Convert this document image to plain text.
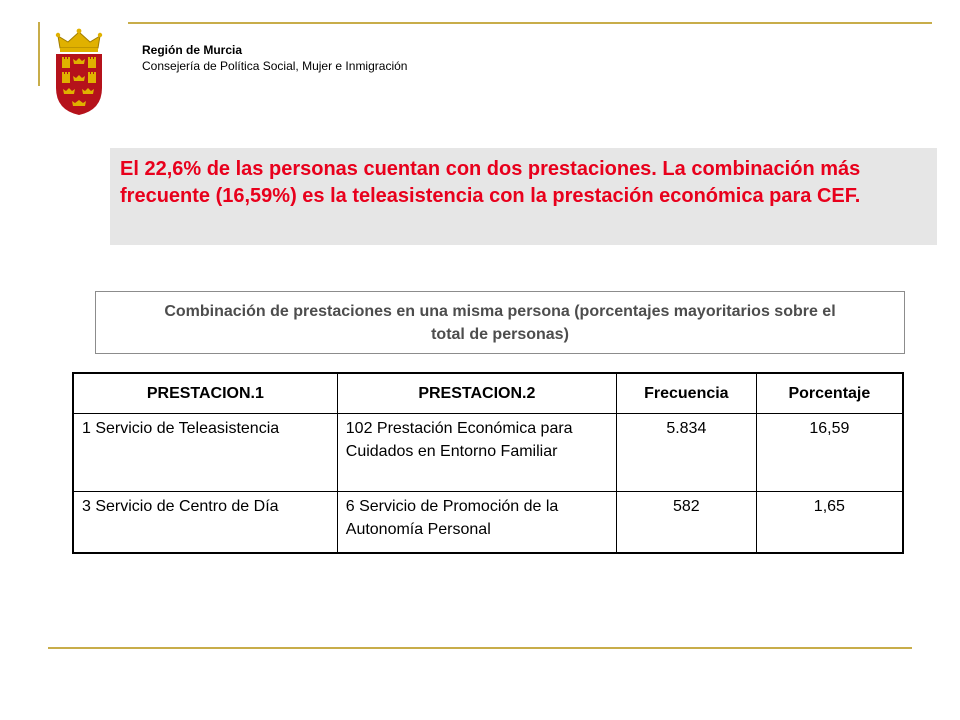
Región de Murcia
Consejería de Política Social, Mujer e Inmigración
El 22,6% de las personas cuentan con dos prestaciones. La combinación más frecuente (16,59%) es la teleasistencia con la prestación económica para CEF.
Combinación de prestaciones en una misma persona (porcentajes mayoritarios sobre el total de personas)
PRESTACION.1	PRESTACION.2	Frecuencia	Porcentaje
1 Servicio de Teleasistencia	102 Prestación Económica para Cuidados en Entorno Familiar	5.834	16,59
3 Servicio de Centro de Día	6 Servicio de Promoción de la Autonomía Personal	582	1,65
